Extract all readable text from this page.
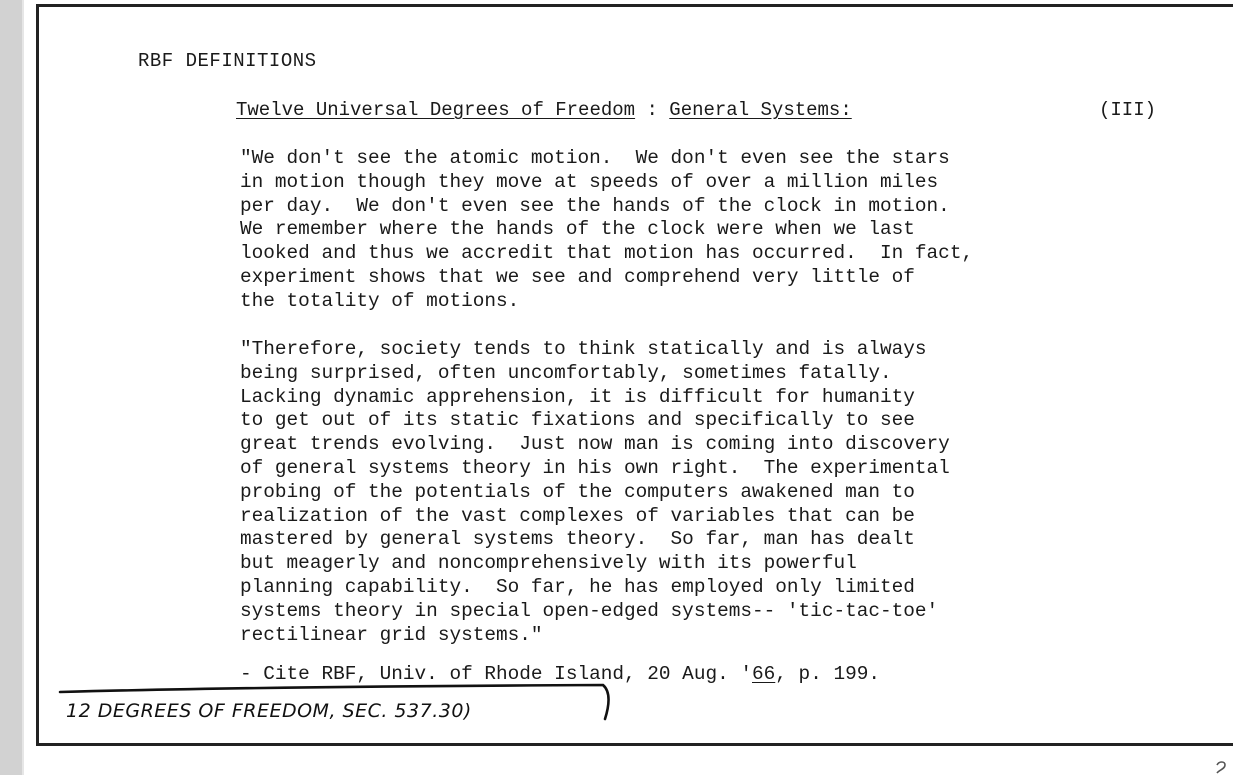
RBF DEFINITIONS
Twelve Universal Degrees of Freedom : General Systems:	(III)
"We don't see the atomic motion.  We don't even see the stars
in motion though they move at speeds of over a million miles
per day.  We don't even see the hands of the clock in motion.
We remember where the hands of the clock were when we last
looked and thus we accredit that motion has occurred.  In fact,
experiment shows that we see and comprehend very little of
the totality of motions.
"Therefore, society tends to think statically and is always
being surprised, often uncomfortably, sometimes fatally.
Lacking dynamic apprehension, it is difficult for humanity
to get out of its static fixations and specifically to see
great trends evolving.  Just now man is coming into discovery
of general systems theory in his own right.  The experimental
probing of the potentials of the computers awakened man to
realization of the vast complexes of variables that can be
mastered by general systems theory.  So far, man has dealt
but meagerly and noncomprehensively with its powerful
planning capability.  So far, he has employed only limited
systems theory in special open-edged systems-- 'tic-tac-toe'
rectilinear grid systems."
- Cite RBF, Univ. of Rhode Island, 20 Aug. '66, p. 199.
12 DEGREES OF FREEDOM, SEC. 537.30)
